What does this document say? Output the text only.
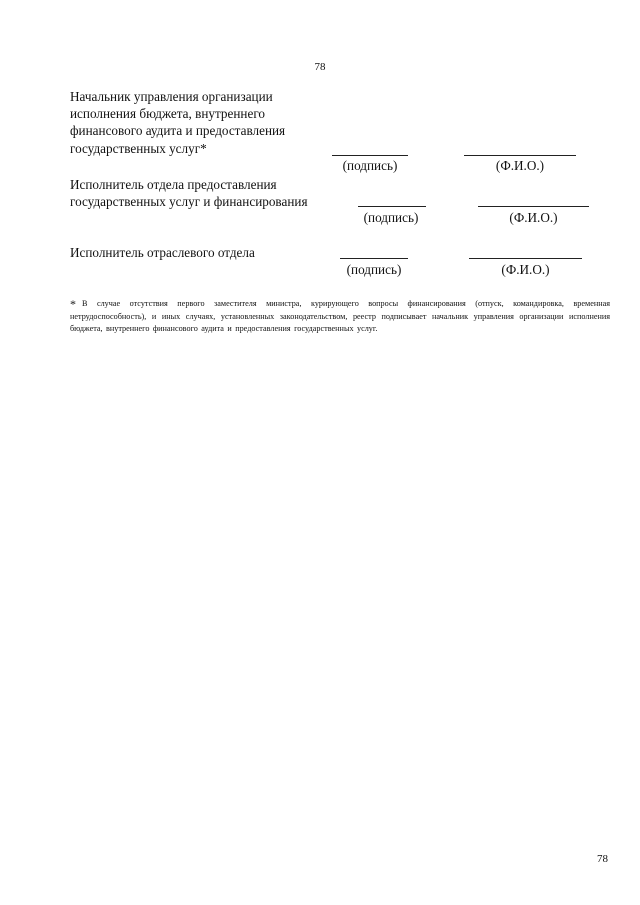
78
Начальник управления организации
исполнения бюджета, внутреннего
финансового аудита и предоставления
государственных услуг*
(подпись)	(Ф.И.О.)
Исполнитель отдела предоставления
государственных услуг и финансирования
(подпись)	(Ф.И.О.)
Исполнитель отраслевого отдела
(подпись)	(Ф.И.О.)
* В случае отсутствия первого заместителя министра, курирующего вопросы финансирования (отпуск, командировка, временная нетрудоспособность), и иных случаях, установленных законодательством, реестр подписывает начальник управления организации исполнения бюджета, внутреннего финансового аудита и предоставления государственных услуг.
78
